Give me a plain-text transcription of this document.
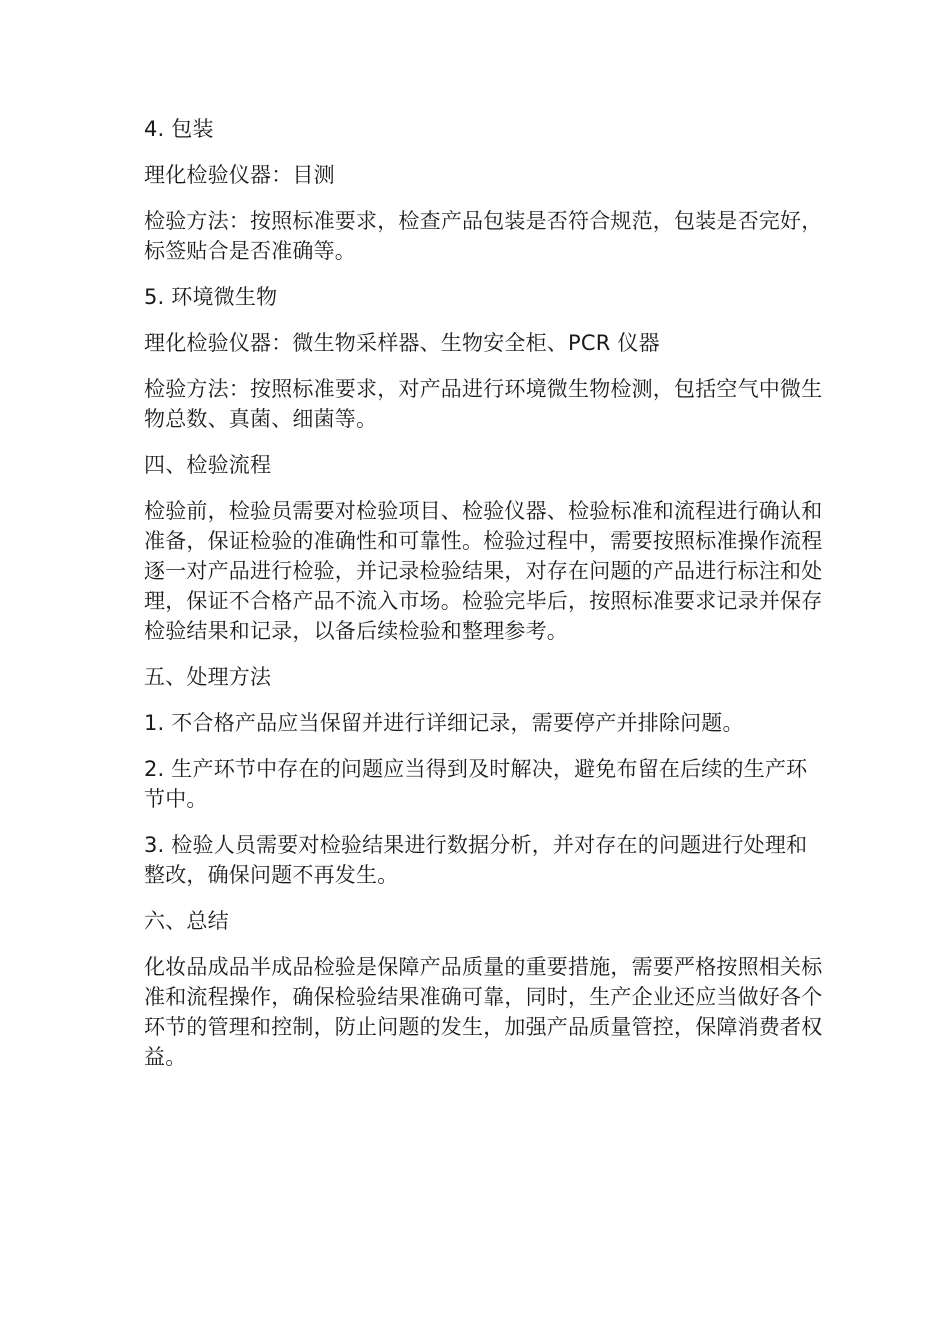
4. 包装

理化检验仪器：目测

检验方法：按照标准要求，检查产品包装是否符合规范，包装是否完好，标签贴合是否准确等。

5. 环境微生物

理化检验仪器：微生物采样器、生物安全柜、PCR 仪器

检验方法：按照标准要求，对产品进行环境微生物检测，包括空气中微生物总数、真菌、细菌等。

四、检验流程

检验前，检验员需要对检验项目、检验仪器、检验标准和流程进行确认和准备，保证检验的准确性和可靠性。检验过程中，需要按照标准操作流程逐一对产品进行检验，并记录检验结果，对存在问题的产品进行标注和处理，保证不合格产品不流入市场。检验完毕后，按照标准要求记录并保存检验结果和记录，以备后续检验和整理参考。

五、处理方法

1. 不合格产品应当保留并进行详细记录，需要停产并排除问题。

2. 生产环节中存在的问题应当得到及时解决，避免布留在后续的生产环节中。

3. 检验人员需要对检验结果进行数据分析，并对存在的问题进行处理和整改，确保问题不再发生。

六、总结

化妆品成品半成品检验是保障产品质量的重要措施，需要严格按照相关标准和流程操作，确保检验结果准确可靠，同时，生产企业还应当做好各个环节的管理和控制，防止问题的发生，加强产品质量管控，保障消费者权益。
